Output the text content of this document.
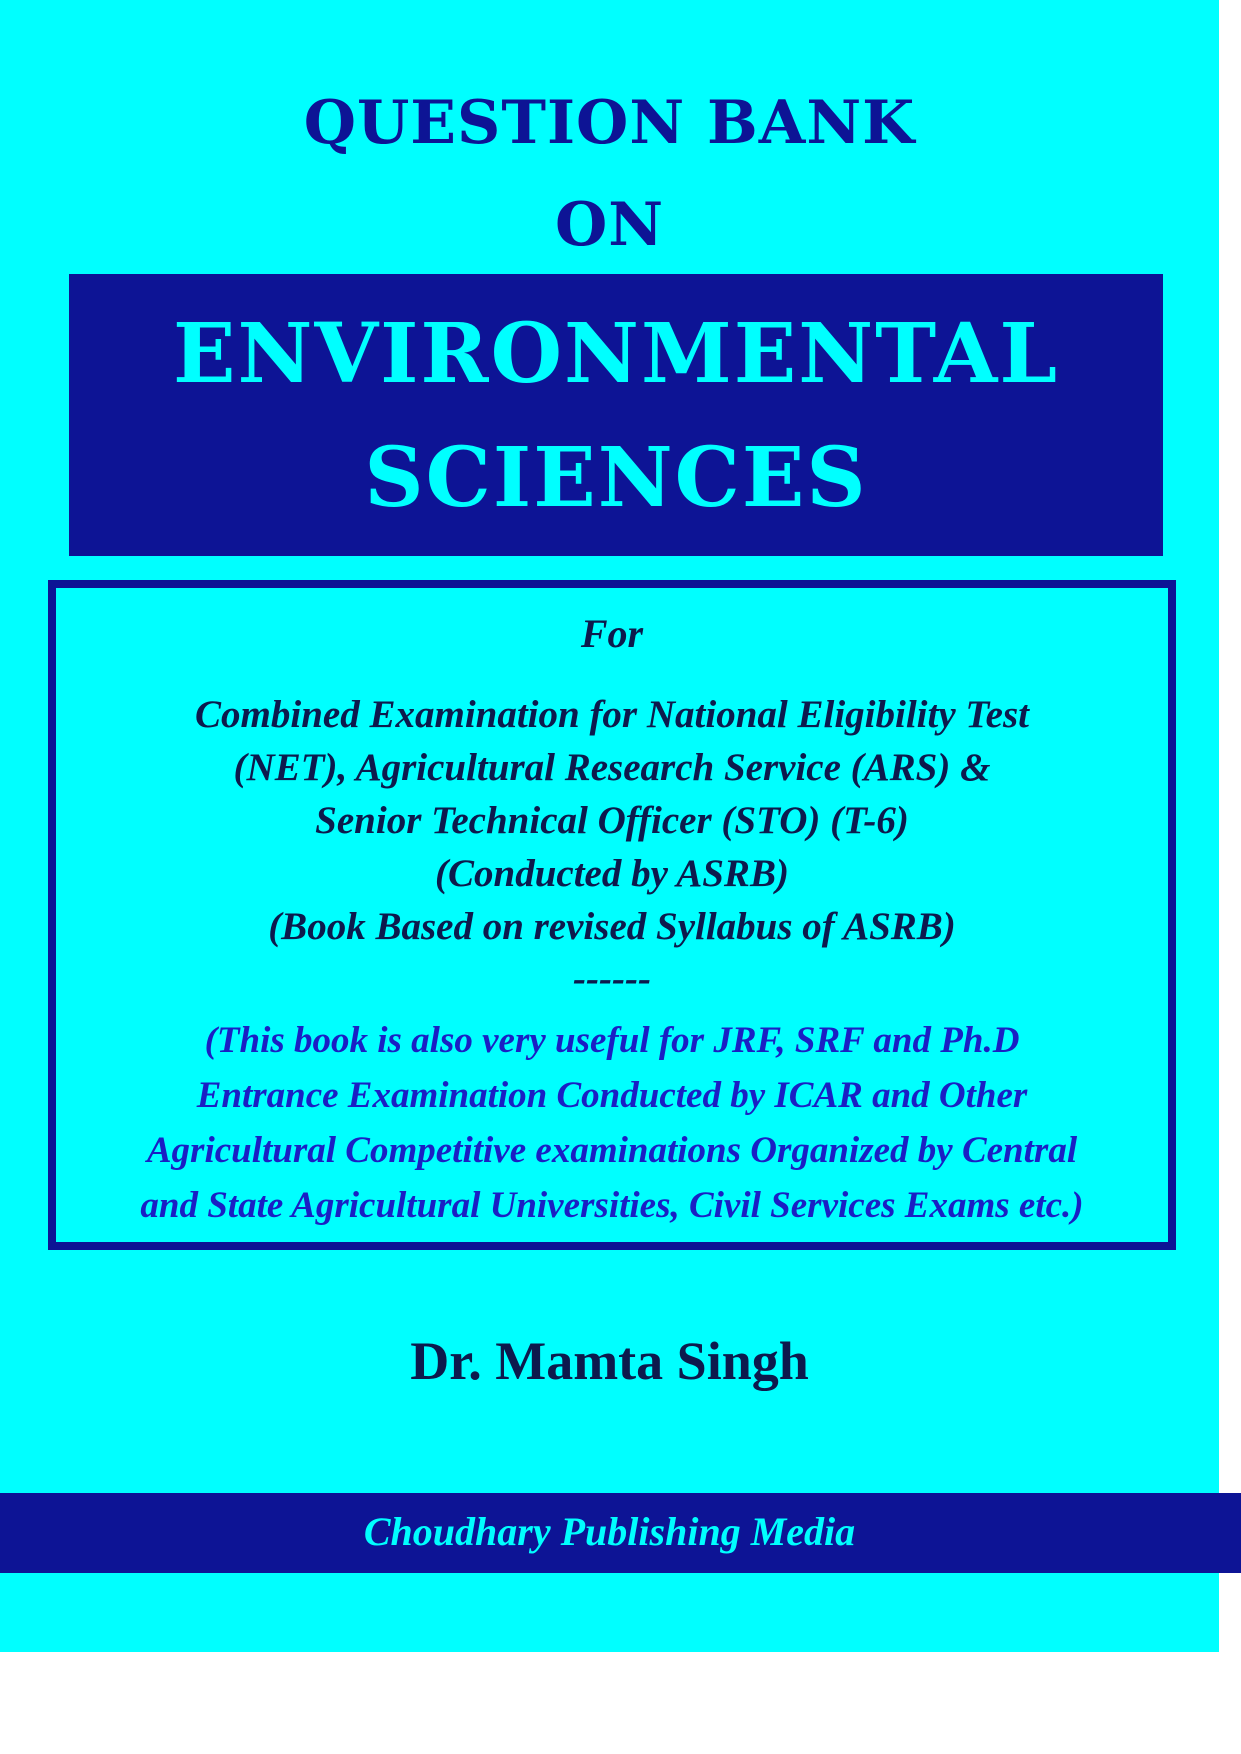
QUESTION BANK
ON
ENVIRONMENTAL
SCIENCES
For
Combined Examination for National Eligibility Test
(NET), Agricultural Research Service (ARS) &
Senior Technical Officer (STO) (T-6)
(Conducted by ASRB)
(Book Based on revised Syllabus of ASRB)
------
(This book is also very useful for JRF, SRF and Ph.D
Entrance Examination Conducted by ICAR and Other
Agricultural Competitive examinations Organized by Central
and State Agricultural Universities, Civil Services Exams etc.)
Dr. Mamta Singh
Choudhary Publishing Media
